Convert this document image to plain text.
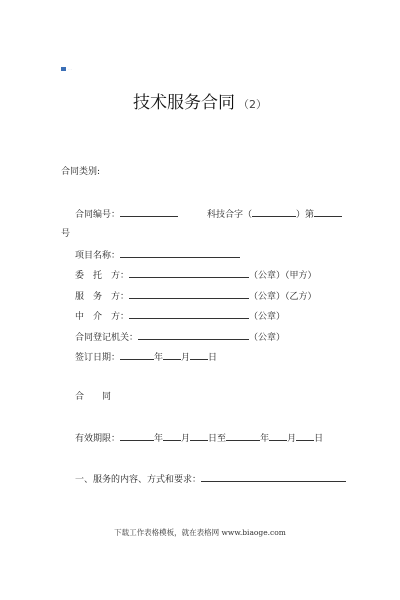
···
技术服务合同 （2）
合同类别:
合同编号：	科技合字（	）第
号
项目名称：
委　托　方：	（公章）（甲方）
服　务　方：	（公章）（乙方）
中　介　方：	（公章）
合同登记机关：	（公章）
签订日期：	年 月 日
合　　同
有效期限：	年 月 日至	年 月 日
一、服务的内容、方式和要求：
下载工作表格模板，就在表格网 www.biaoge.com
